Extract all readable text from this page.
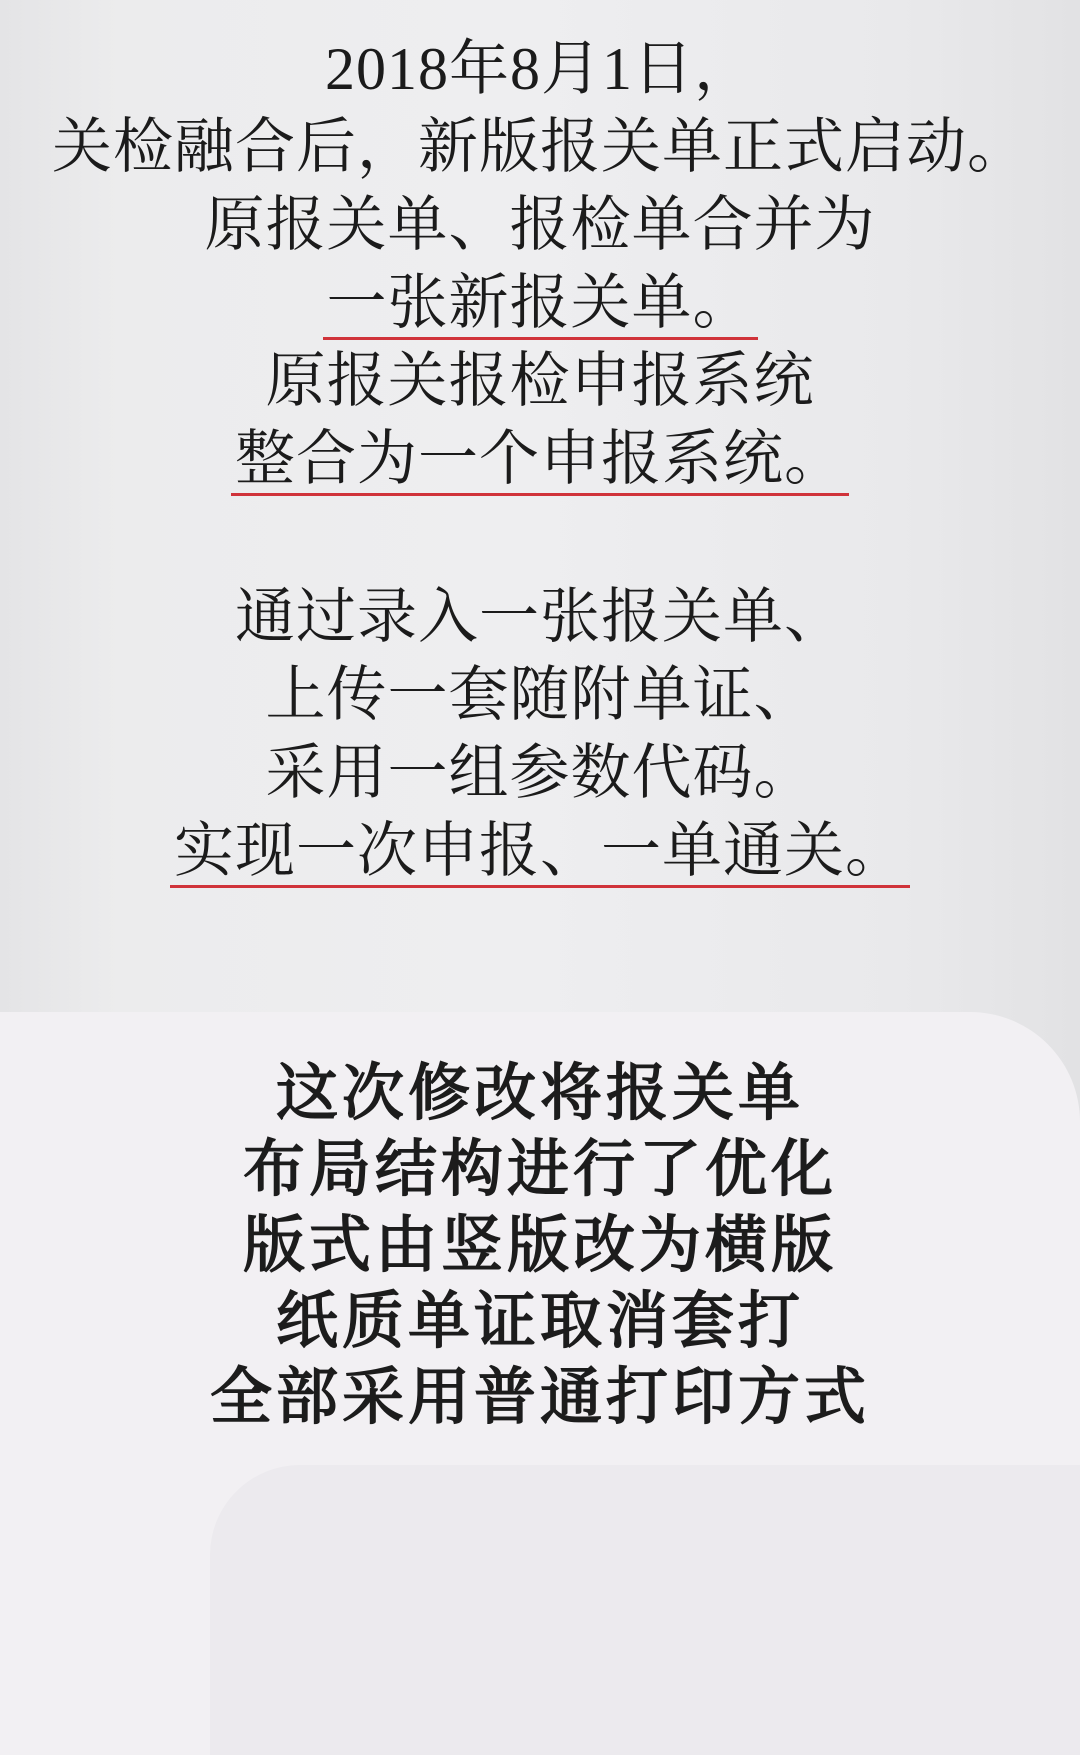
2018年8月1日，
关检融合后，新版报关单正式启动。
原报关单、报检单合并为
一张新报关单。
原报关报检申报系统
整合为一个申报系统。
通过录入一张报关单、
上传一套随附单证、
采用一组参数代码。
实现一次申报、一单通关。
这次修改将报关单
布局结构进行了优化
版式由竖版改为横版
纸质单证取消套打
全部采用普通打印方式
